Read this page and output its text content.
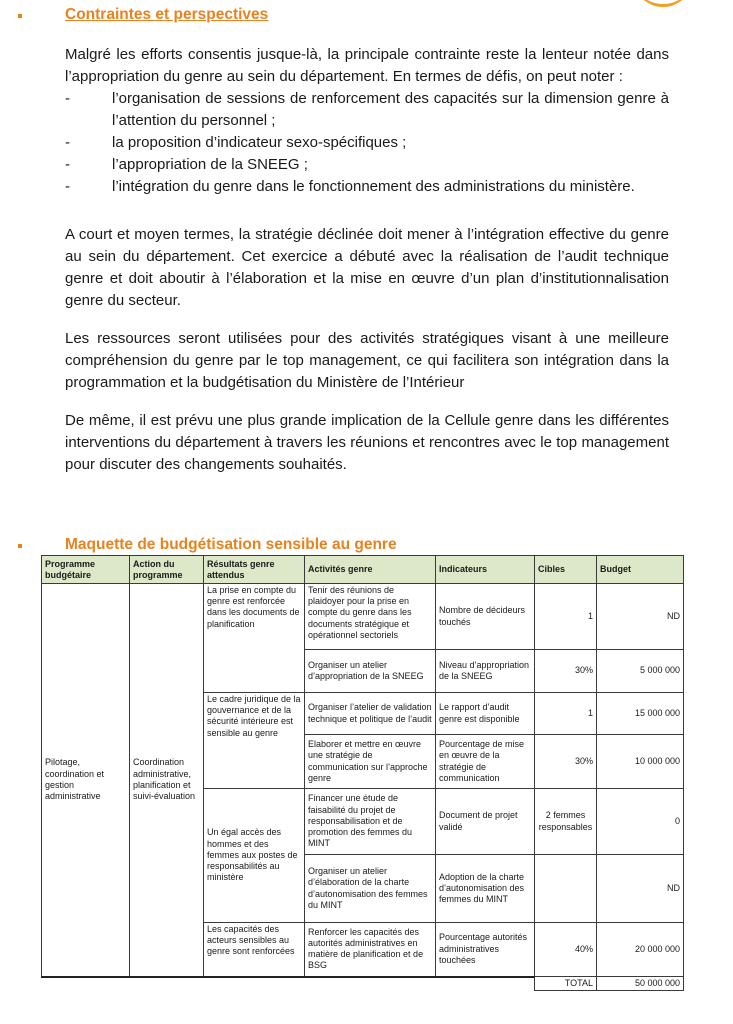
Contraintes et perspectives

Malgré les efforts consentis jusque-là, la principale contrainte reste la lenteur notée dans l’appropriation du genre au sein du département. En termes de défis, on peut noter :

-	l’organisation de sessions de renforcement des capacités sur la dimension genre à l’attention du personnel ;
-	la proposition d’indicateur sexo-spécifiques ;
-	l’appropriation de la SNEEG ;
-	l’intégration du genre dans le fonctionnement des administrations du ministère.

A court et moyen termes, la stratégie déclinée doit mener à l’intégration effective du genre au sein du département. Cet exercice a débuté avec la réalisation de l’audit technique genre et doit aboutir à l’élaboration et la mise en œuvre d’un plan d’institutionnalisation genre du secteur.

Les ressources seront utilisées pour des activités stratégiques visant à une meilleure compréhension du genre par le top management, ce qui facilitera son intégration dans la programmation et la budgétisation du Ministère de l’Intérieur

De même, il est prévu une plus grande implication de la Cellule genre dans les différentes interventions du département à travers les réunions et rencontres avec le top management pour discuter des changements souhaités.

Maquette de budgétisation sensible au genre
Programme budgétaire	Action du programme	Résultats genre attendus	Activités genre	Indicateurs	Cibles	Budget
Pilotage, coordination et gestion administrative	Coordination administrative, planification et suivi-évaluation	La prise en compte du genre est renforcée dans les documents de planification	Tenir des réunions de plaidoyer pour la prise en compte du genre dans les documents stratégique et opérationnel sectoriels	Nombre de décideurs touchés	1	ND
			Organiser un atelier d’appropriation de la SNEEG	Niveau d’appropriation de la SNEEG	30%	5 000 000
		Le cadre juridique de la gouvernance et de la sécurité intérieure est sensible au genre	Organiser l’atelier de validation technique et politique de l’audit	Le rapport d’audit genre est disponible	1	15 000 000
			Elaborer et mettre en œuvre une stratégie de communication sur l’approche genre	Pourcentage de mise en œuvre de la stratégie de communication	30%	10 000 000
		Un égal accès des hommes et des femmes aux postes de responsabilités au ministère	Financer une étude de faisabilité du projet de responsabilisation et de promotion des femmes du MINT	Document de projet validé	2 femmes responsables	0
			Organiser un atelier d’élaboration de la charte d’autonomisation des femmes du MINT	Adoption de la charte d’autonomisation des femmes du MINT		ND
		Les capacités des acteurs sensibles au genre sont renforcées	Renforcer les capacités des autorités administratives en matière de planification et de BSG	Pourcentage autorités administratives touchées	40%	20 000 000
					TOTAL	50 000 000
